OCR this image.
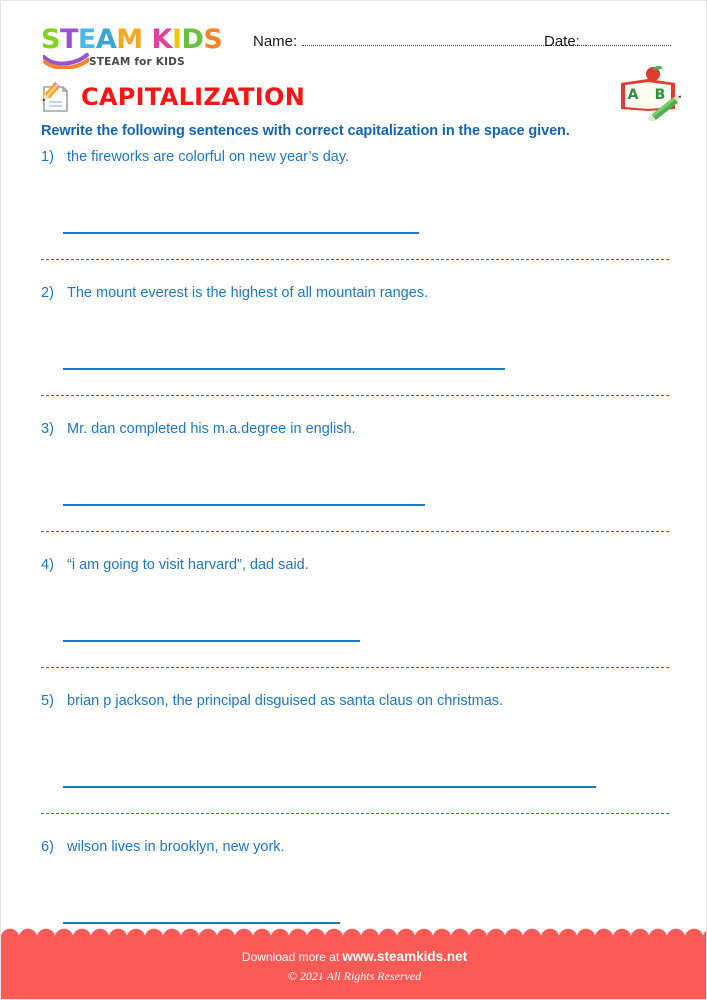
STEAM KIDS
STEAM for KIDS
Name:	Date:
CAPITALIZATION	A B
Rewrite the following sentences with correct capitalization in the space given.
1) the fireworks are colorful on new year’s day.
2) The mount everest is the highest of all mountain ranges.
3) Mr. dan completed his m.a.degree in english.
4) “i am going to visit harvard”, dad said.
5) brian p jackson, the principal disguised as santa claus on christmas.
6) wilson lives in brooklyn, new york.
Download more at www.steamkids.net
© 2021 All Rights Reserved
